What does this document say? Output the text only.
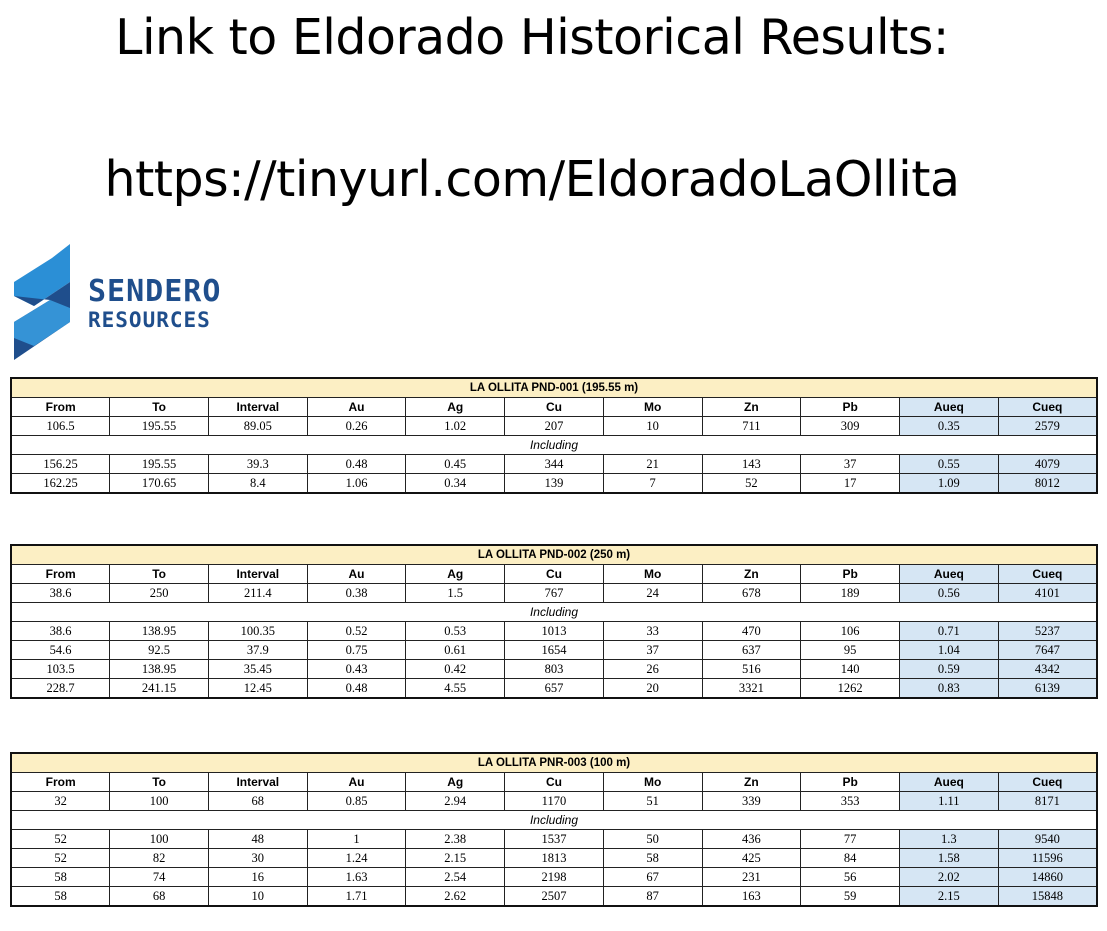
Link to Eldorado Historical Results:
https://tinyurl.com/EldoradoLaOllita
SENDERO
RESOURCES
LA OLLITA PND-001 (195.55 m)										
From	To	Interval	Au	Ag	Cu	Mo	Zn	Pb	Aueq	Cueq
106.5	195.55	89.05	0.26	1.02	207	10	711	309	0.35	2579
Including										
156.25	195.55	39.3	0.48	0.45	344	21	143	37	0.55	4079
162.25	170.65	8.4	1.06	0.34	139	7	52	17	1.09	8012
LA OLLITA PND-002 (250 m)										
From	To	Interval	Au	Ag	Cu	Mo	Zn	Pb	Aueq	Cueq
38.6	250	211.4	0.38	1.5	767	24	678	189	0.56	4101
Including										
38.6	138.95	100.35	0.52	0.53	1013	33	470	106	0.71	5237
54.6	92.5	37.9	0.75	0.61	1654	37	637	95	1.04	7647
103.5	138.95	35.45	0.43	0.42	803	26	516	140	0.59	4342
228.7	241.15	12.45	0.48	4.55	657	20	3321	1262	0.83	6139
LA OLLITA PNR-003 (100 m)										
From	To	Interval	Au	Ag	Cu	Mo	Zn	Pb	Aueq	Cueq
32	100	68	0.85	2.94	1170	51	339	353	1.11	8171
Including										
52	100	48	1	2.38	1537	50	436	77	1.3	9540
52	82	30	1.24	2.15	1813	58	425	84	1.58	11596
58	74	16	1.63	2.54	2198	67	231	56	2.02	14860
58	68	10	1.71	2.62	2507	87	163	59	2.15	15848
